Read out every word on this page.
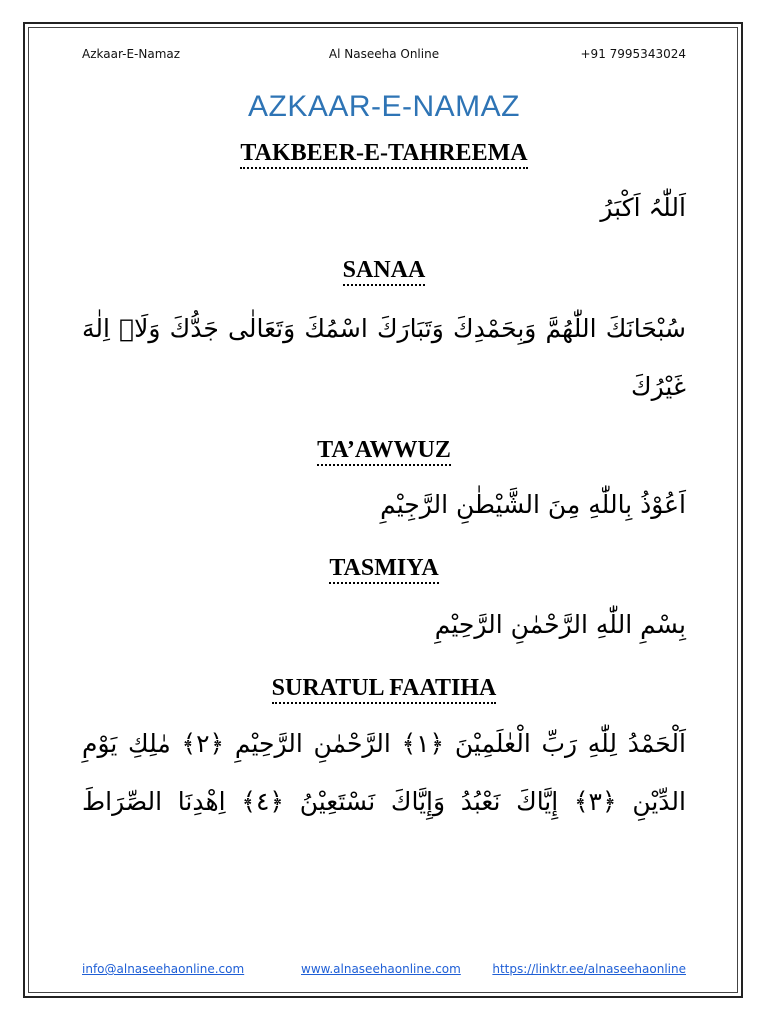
Azkaar-E-Namaz	Al Naseeha Online	+91 7995343024
AZKAAR-E-NAMAZ
TAKBEER-E-TAHREEMA
اَللّٰہُ اَکْبَرُ
SANAA
سُبْحَانَكَ اللّٰهُمَّ وَبِحَمْدِكَ وَتَبَارَكَ اسْمُكَ وَتَعَالٰى جَدُّكَ وَلَاۤ اِلٰهَ
غَیْرُكَ
TA’AWWUZ
اَعُوْذُ بِاللّٰهِ مِنَ الشَّيْطٰنِ الرَّجِيْمِ
TASMIYA
بِسْمِ اللّٰهِ الرَّحْمٰنِ الرَّحِيْمِ
SURATUL FAATIHA
اَلْحَمْدُ لِلّٰهِ رَبِّ الْعٰلَمِيْنَ ﴿١﴾ الرَّحْمٰنِ الرَّحِيْمِ ﴿٢﴾ مٰلِكِ يَوْمِ
الدِّيْنِ ﴿٣﴾ إِيَّاكَ نَعْبُدُ وَإِيَّاكَ نَسْتَعِيْنُ ﴿٤﴾ اِهْدِنَا الصِّرَاطَ
info@alnaseehaonline.com	www.alnaseehaonline.com	https://linktr.ee/alnaseehaonline
